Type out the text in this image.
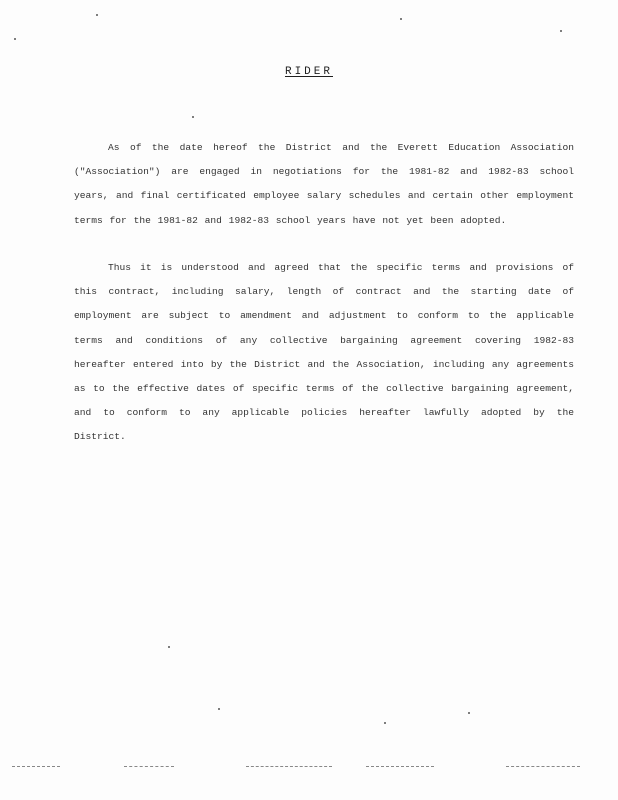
RIDER

As of the date hereof the District and the Everett Education Association ("Association") are engaged in negotiations for the 1981-82 and 1982-83 school years, and final certificated employee salary schedules and certain other employment terms for the 1981-82 and 1982-83 school years have not yet been adopted.

Thus it is understood and agreed that the specific terms and provisions of this contract, including salary, length of contract and the starting date of employment are subject to amendment and adjustment to conform to the applicable terms and conditions of any collective bargaining agreement covering 1982-83 hereafter entered into by the District and the Association, including any agreements as to the effective dates of specific terms of the collective bargaining agreement, and to conform to any applicable policies hereafter lawfully adopted by the District.
